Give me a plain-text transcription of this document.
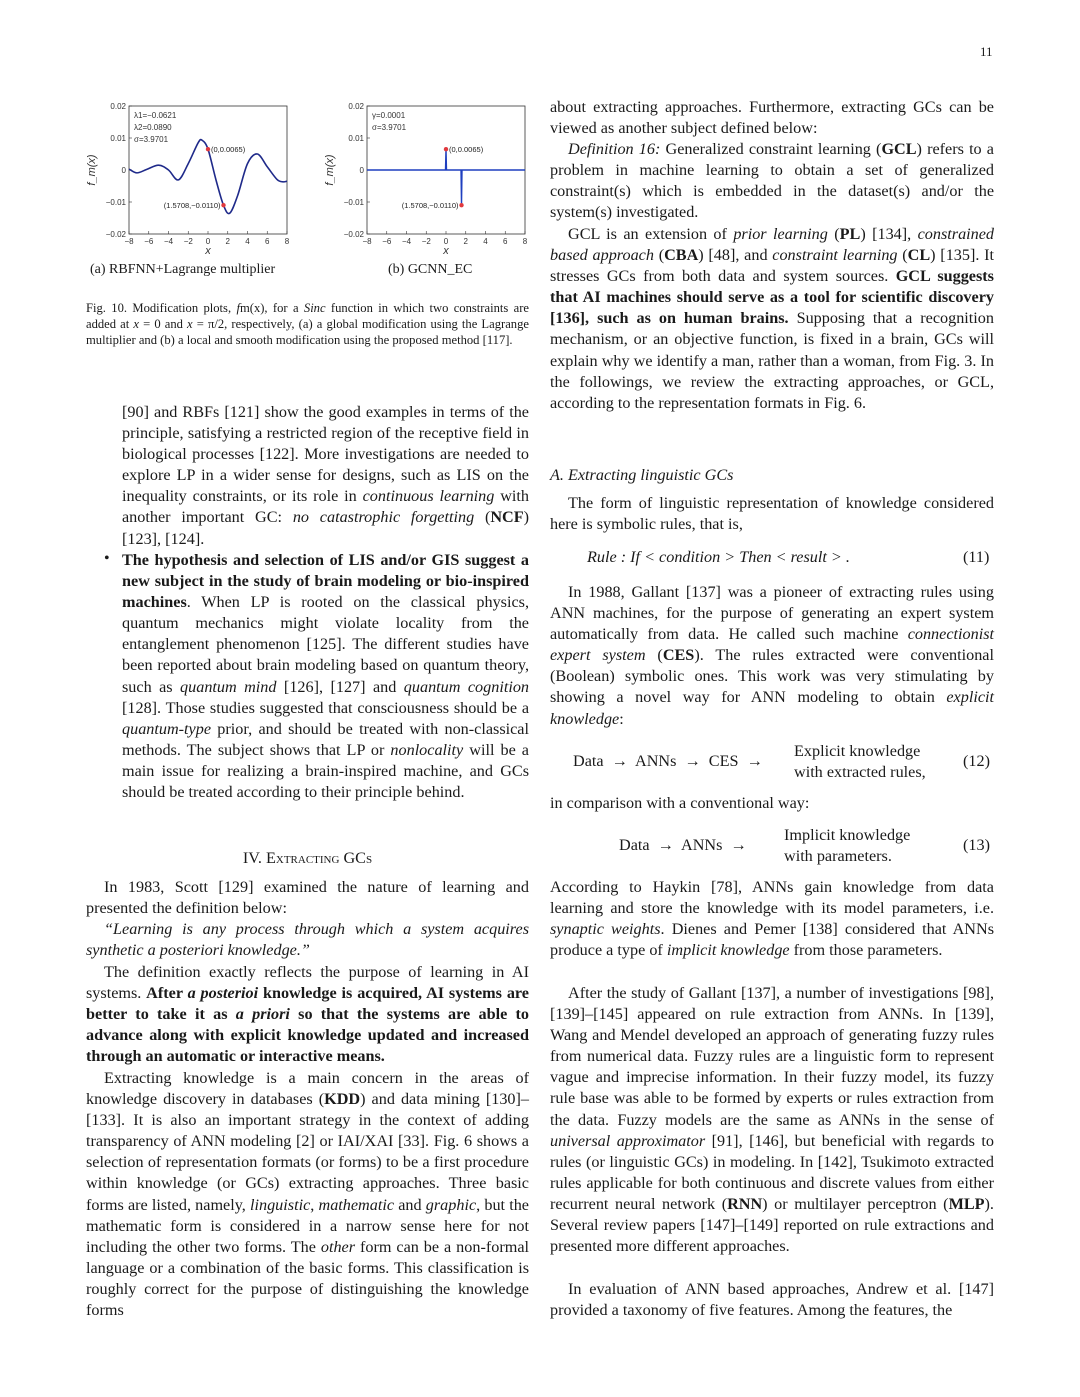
11
−8 −6 −4 −2 0 2 4 6 8
0.02
0.01
0
−0.01
−0.02
x
f_m(x)
λ1=−0.0621
λ2=0.0890
σ=3.9701
(0,0.0065)
(1.5708,−0.0110)
−8 −6 −4 −2 0 2 4 6 8
0.02
0.01
0
−0.01
−0.02
x
f_m(x)
γ=0.0001
σ=3.9701
(0,0.0065)
(1.5708,−0.0110)
(a) RBFNN+Lagrange multiplier	(b) GCNN_EC
Fig. 10. Modification plots, fm(x), for a Sinc function in which two constraints are added at x = 0 and x = π/2, respectively, (a) a global modification using the Lagrange multiplier and (b) a local and smooth modification using the proposed method [117].
[90] and RBFs [121] show the good examples in terms of the principle, satisfying a restricted region of the receptive field in biological processes [122]. More investigations are needed to explore LP in a wider sense for designs, such as LIS on the inequality constraints, or its role in continuous learning with another important GC: no catastrophic forgetting (NCF) [123], [124].
• The hypothesis and selection of LIS and/or GIS suggest a new subject in the study of brain modeling or bio-inspired machines. When LP is rooted on the classical physics, quantum mechanics might violate locality from the entanglement phenomenon [125]. The different studies have been reported about brain modeling based on quantum theory, such as quantum mind [126], [127] and quantum cognition [128]. Those studies suggested that consciousness should be a quantum-type prior, and should be treated with non-classical methods. The subject shows that LP or nonlocality will be a main issue for realizing a brain-inspired machine, and GCs should be treated according to their principle behind.
IV. Extracting GCs
In 1983, Scott [129] examined the nature of learning and presented the definition below:
“Learning is any process through which a system acquires synthetic a posteriori knowledge.”
The definition exactly reflects the purpose of learning in AI systems. After a posterioi knowledge is acquired, AI systems are better to take it as a priori so that the systems are able to advance along with explicit knowledge updated and increased through an automatic or interactive means.
Extracting knowledge is a main concern in the areas of knowledge discovery in databases (KDD) and data mining [130]–[133]. It is also an important strategy in the context of adding transparency of ANN modeling [2] or IAI/XAI [33]. Fig. 6 shows a selection of representation formats (or forms) to be a first procedure within knowledge (or GCs) extracting approaches. Three basic forms are listed, namely, linguistic, mathematic and graphic, but the mathematic form is considered in a narrow sense here for not including the other two forms. The other form can be a non-formal language or a combination of the basic forms. This classification is roughly correct for the purpose of distinguishing the knowledge forms
about extracting approaches. Furthermore, extracting GCs can be viewed as another subject defined below:
Definition 16: Generalized constraint learning (GCL) refers to a problem in machine learning to obtain a set of generalized constraint(s) which is embedded in the dataset(s) and/or the system(s) investigated.
GCL is an extension of prior learning (PL) [134], constrained based approach (CBA) [48], and constraint learning (CL) [135]. It stresses GCs from both data and system sources. GCL suggests that AI machines should serve as a tool for scientific discovery [136], such as on human brains. Supposing that a recognition mechanism, or an objective function, is fixed in a brain, GCs will explain why we identify a man, rather than a woman, from Fig. 3. In the followings, we review the extracting approaches, or GCL, according to the representation formats in Fig. 6.
A. Extracting linguistic GCs
The form of linguistic representation of knowledge considered here is symbolic rules, that is,
Rule : If < condition > Then < result > .	(11)
In 1988, Gallant [137] was a pioneer of extracting rules using ANN machines, for the purpose of generating an expert system automatically from data. He called such machine connectionist expert system (CES). The rules extracted were conventional (Boolean) symbolic ones. This work was very stimulating by showing a novel way for ANN modeling to obtain explicit knowledge:
Data  →  ANNs  →  CES  →
Explicit knowledge
with extracted rules,
(12)
in comparison with a conventional way:
Data  →  ANNs  →
Implicit knowledge
with parameters.
(13)
According to Haykin [78], ANNs gain knowledge from data learning and store the knowledge with its model parameters, i.e. synaptic weights. Dienes and Pemer [138] considered that ANNs produce a type of implicit knowledge from those parameters.
After the study of Gallant [137], a number of investigations [98], [139]–[145] appeared on rule extraction from ANNs. In [139], Wang and Mendel developed an approach of generating fuzzy rules from numerical data. Fuzzy rules are a linguistic form to represent vague and imprecise information. In their fuzzy model, its fuzzy rule base was able to be formed by experts or rules extraction from the data. Fuzzy models are the same as ANNs in the sense of universal approximator [91], [146], but beneficial with regards to rules (or linguistic GCs) in modeling. In [142], Tsukimoto extracted rules applicable for both continuous and discrete values from either recurrent neural network (RNN) or multilayer perceptron (MLP). Several review papers [147]–[149] reported on rule extractions and presented more different approaches.
In evaluation of ANN based approaches, Andrew et al. [147] provided a taxonomy of five features. Among the features, the
